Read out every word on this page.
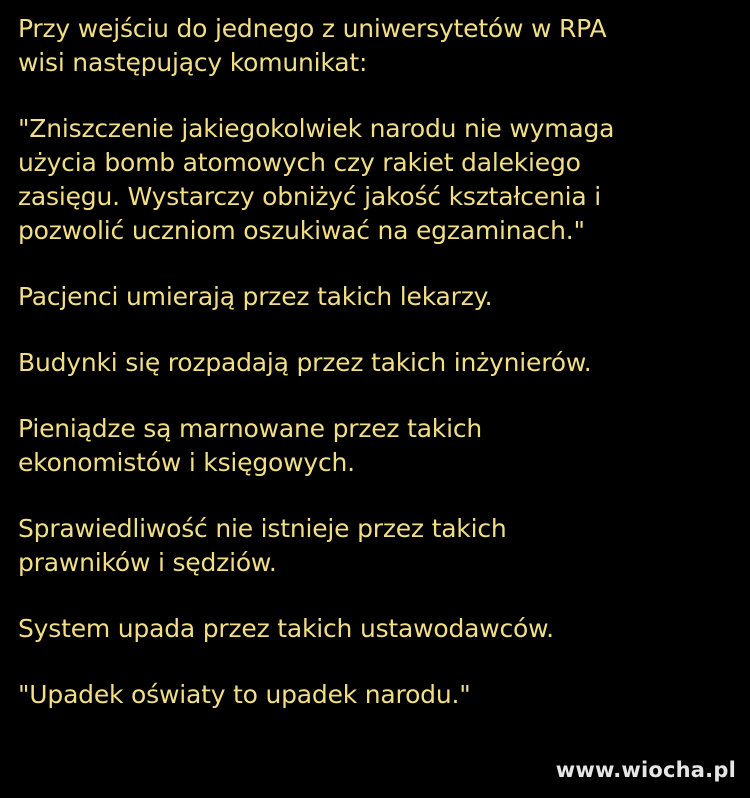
Przy wejściu do jednego z uniwersytetów w RPA
wisi następujący komunikat:

"Zniszczenie jakiegokolwiek narodu nie wymaga
użycia bomb atomowych czy rakiet dalekiego
zasięgu. Wystarczy obniżyć jakość kształcenia i
pozwolić uczniom oszukiwać na egzaminach."

Pacjenci umierają przez takich lekarzy.

Budynki się rozpadają przez takich inżynierów.

Pieniądze są marnowane przez takich
ekonomistów i księgowych.

Sprawiedliwość nie istnieje przez takich
prawników i sędziów.

System upada przez takich ustawodawców.

"Upadek oświaty to upadek narodu."

www.wiocha.pl
